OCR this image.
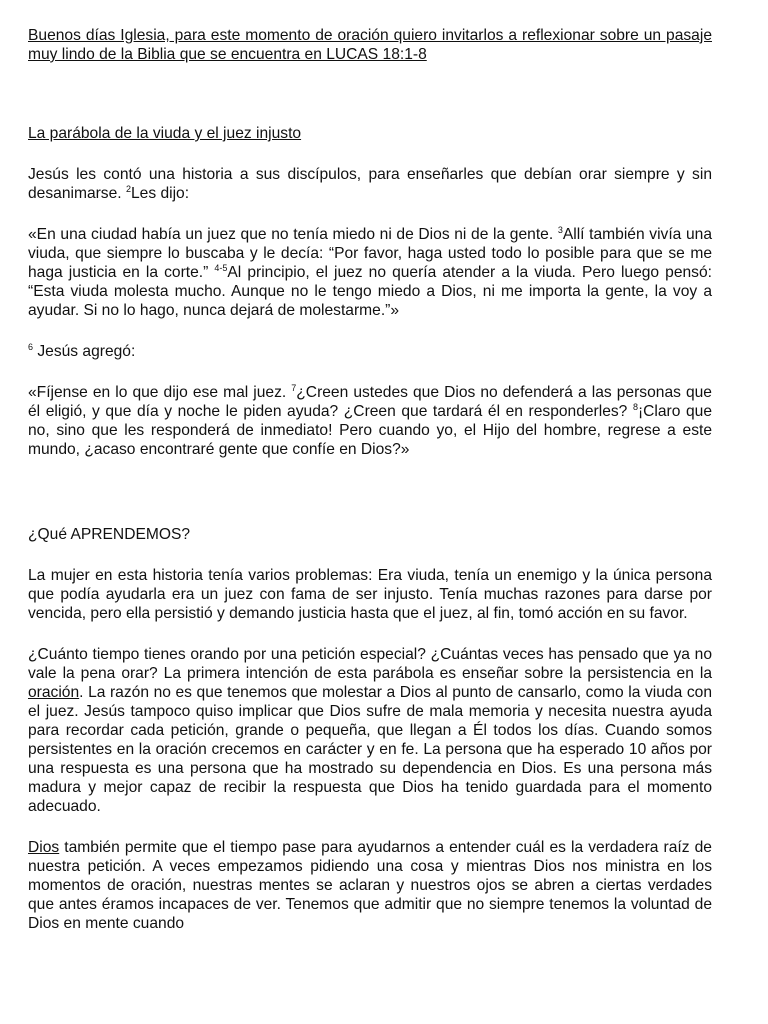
Buenos días Iglesia, para este momento de oración quiero invitarlos a reflexionar sobre un pasaje muy lindo de la Biblia que se encuentra en LUCAS 18:1-8

La parábola de la viuda y el juez injusto

Jesús les contó una historia a sus discípulos, para enseñarles que debían orar siempre y sin desanimarse. $^2$Les dijo:

«En una ciudad había un juez que no tenía miedo ni de Dios ni de la gente. $^3$Allí también vivía una viuda, que siempre lo buscaba y le decía: “Por favor, haga usted todo lo posible para que se me haga justicia en la corte.” $^{4-5}$Al principio, el juez no quería atender a la viuda. Pero luego pensó: “Esta viuda molesta mucho. Aunque no le tengo miedo a Dios, ni me importa la gente, la voy a ayudar. Si no lo hago, nunca dejará de molestarme.”»

$^6$ Jesús agregó:

«Fíjense en lo que dijo ese mal juez. $^7$¿Creen ustedes que Dios no defenderá a las personas que él eligió, y que día y noche le piden ayuda? ¿Creen que tardará él en responderles? $^8$¡Claro que no, sino que les responderá de inmediato! Pero cuando yo, el Hijo del hombre, regrese a este mundo, ¿acaso encontraré gente que confíe en Dios?»

¿Qué APRENDEMOS?

La mujer en esta historia tenía varios problemas: Era viuda, tenía un enemigo y la única persona que podía ayudarla era un juez con fama de ser injusto. Tenía muchas razones para darse por vencida, pero ella persistió y demando justicia hasta que el juez, al fin, tomó acción en su favor.

¿Cuánto tiempo tienes orando por una petición especial? ¿Cuántas veces has pensado que ya no vale la pena orar? La primera intención de esta parábola es enseñar sobre la persistencia en la oración. La razón no es que tenemos que molestar a Dios al punto de cansarlo, como la viuda con el juez. Jesús tampoco quiso implicar que Dios sufre de mala memoria y necesita nuestra ayuda para recordar cada petición, grande o pequeña, que llegan a Él todos los días. Cuando somos persistentes en la oración crecemos en carácter y en fe. La persona que ha esperado 10 años por una respuesta es una persona que ha mostrado su dependencia en Dios. Es una persona más madura y mejor capaz de recibir la respuesta que Dios ha tenido guardada para el momento adecuado.

Dios también permite que el tiempo pase para ayudarnos a entender cuál es la verdadera raíz de nuestra petición. A veces empezamos pidiendo una cosa y mientras Dios nos ministra en los momentos de oración, nuestras mentes se aclaran y nuestros ojos se abren a ciertas verdades que antes éramos incapaces de ver. Tenemos que admitir que no siempre tenemos la voluntad de Dios en mente cuando
